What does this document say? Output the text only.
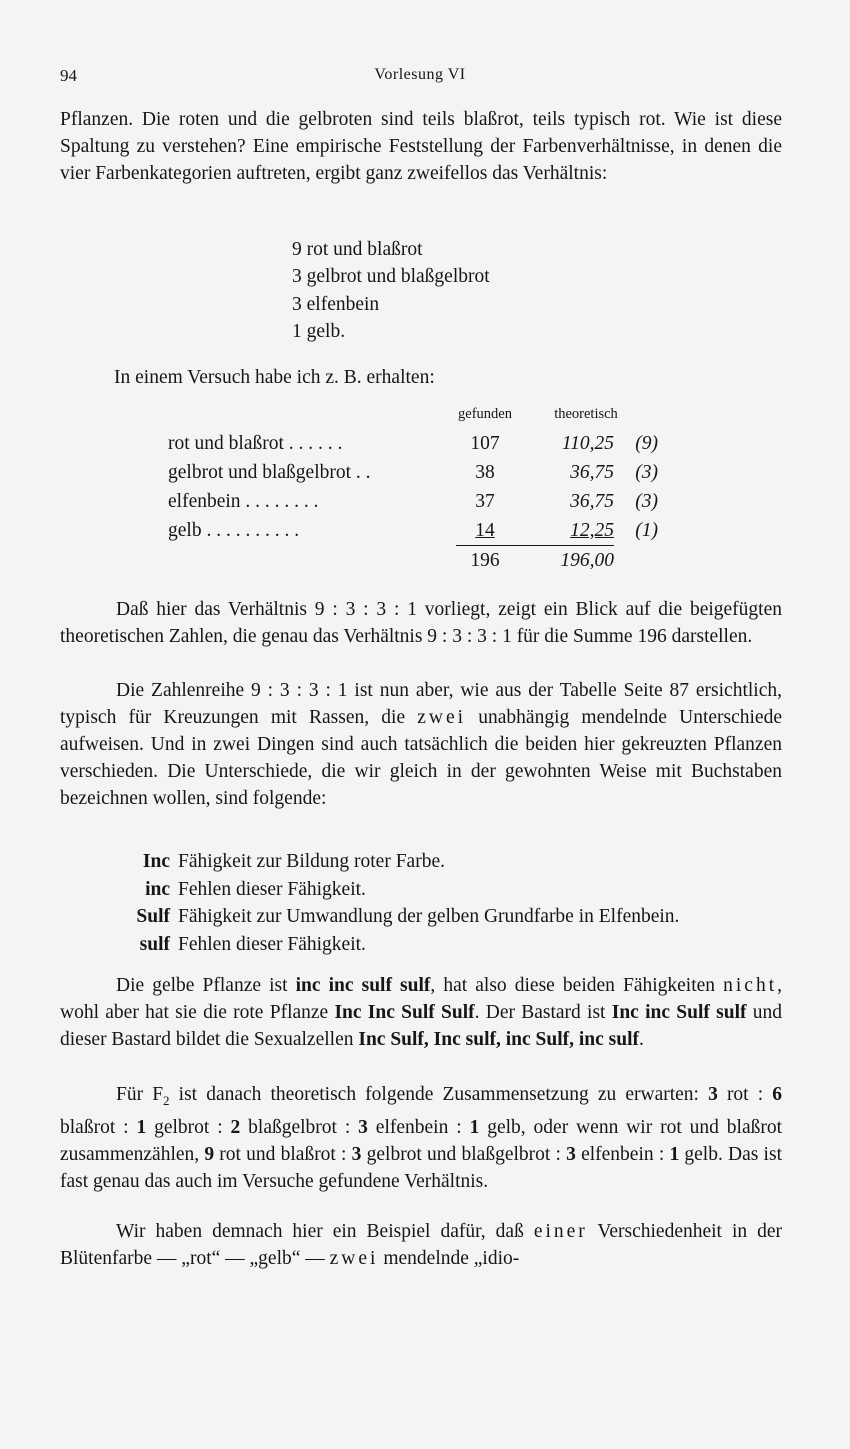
94	Vorlesung VI

Pflanzen. Die roten und die gelbroten sind teils blaßrot, teils typisch rot. Wie ist diese Spaltung zu verstehen? Eine empirische Feststellung der Farbenverhältnisse, in denen die vier Farbenkategorien auftreten, ergibt ganz zweifellos das Verhältnis:

9 rot und blaßrot
3 gelbrot und blaßgelbrot
3 elfenbein
1 gelb.
In einem Versuch habe ich z. B. erhalten:
	gefunden	theoretisch	
rot und blaßrot . . . . . .	107	110,25	(9)
gelbrot und blaßgelbrot . .	38	36,75	(3)
elfenbein . . . . . . . .	37	36,75	(3)
gelb . . . . . . . . . .	14	12,25	(1)
	196	196,00	

Daß hier das Verhältnis 9 : 3 : 3 : 1 vorliegt, zeigt ein Blick auf die beigefügten theoretischen Zahlen, die genau das Verhältnis 9 : 3 : 3 : 1 für die Summe 196 darstellen.

Die Zahlenreihe 9 : 3 : 3 : 1 ist nun aber, wie aus der Tabelle Seite 87 ersichtlich, typisch für Kreuzungen mit Rassen, die zwei unabhängig mendelnde Unterschiede aufweisen. Und in zwei Dingen sind auch tatsächlich die beiden hier gekreuzten Pflanzen verschieden. Die Unterschiede, die wir gleich in der gewohnten Weise mit Buchstaben bezeichnen wollen, sind folgende:

Inc Fähigkeit zur Bildung roter Farbe.
inc Fehlen dieser Fähigkeit.
Sulf Fähigkeit zur Umwandlung der gelben Grundfarbe in Elfenbein.
sulf Fehlen dieser Fähigkeit.

Die gelbe Pflanze ist inc inc sulf sulf, hat also diese beiden Fähigkeiten nicht, wohl aber hat sie die rote Pflanze Inc Inc Sulf Sulf. Der Bastard ist Inc inc Sulf sulf und dieser Bastard bildet die Sexualzellen Inc Sulf, Inc sulf, inc Sulf, inc sulf.

Für $F_2$ ist danach theoretisch folgende Zusammensetzung zu erwarten: 3 rot : 6 blaßrot : 1 gelbrot : 2 blaßgelbrot : 3 elfenbein : 1 gelb, oder wenn wir rot und blaßrot zusammenzählen, 9 rot und blaßrot : 3 gelbrot und blaßgelbrot : 3 elfenbein : 1 gelb. Das ist fast genau das auch im Versuche gefundene Verhältnis.

Wir haben demnach hier ein Beispiel dafür, daß einer Verschiedenheit in der Blütenfarbe — „rot“ — „gelb“ — zwei mendelnde „idio-
